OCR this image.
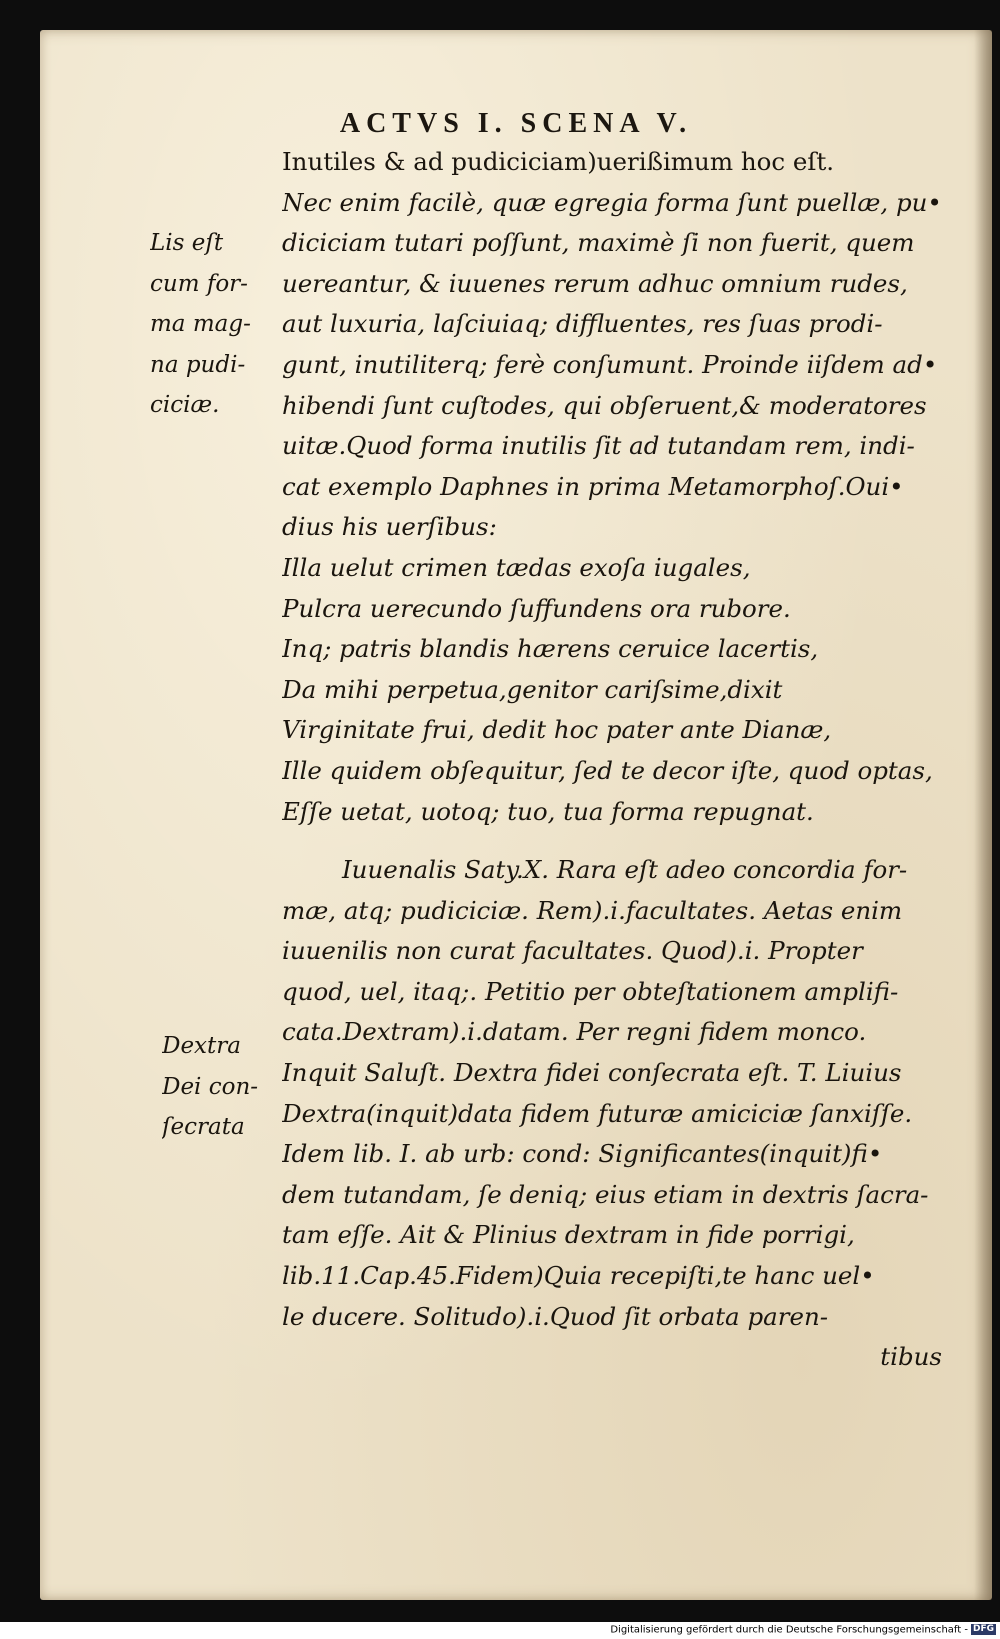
ACTVS I. SCENA V.
Inutiles & ad pudiciciam)uerißimum hoc eſt.
Nec enim facilè, quæ egregia forma ſunt puellæ, pu•
diciciam tutari poſſunt, maximè ſi non fuerit, quem
uereantur, & iuuenes rerum adhuc omnium rudes,
aut luxuria, laſciuiaq; diffluentes, res ſuas prodi-
gunt, inutiliterq; ferè conſumunt. Proinde iiſdem ad•
hibendi ſunt cuſtodes, qui obſeruent,& moderatores
uitæ.Quod forma inutilis ſit ad tutandam rem, indi-
cat exemplo Daphnes in prima Metamorphoſ.Oui•
dius his uerſibus:
Illa uelut crimen tædas exoſa iugales,
Pulcra uerecundo ſuffundens ora rubore.
Inq; patris blandis hærens ceruice lacertis,
Da mihi perpetua,genitor cariſsime,dixit
Virginitate frui, dedit hoc pater ante Dianæ,
Ille quidem obſequitur, ſed te decor iſte, quod optas,
Eſſe uetat, uotoq; tuo, tua forma repugnat.
Iuuenalis Saty.X. Rara eſt adeo concordia for-
mæ, atq; pudiciciæ. Rem).i.facultates. Aetas enim
iuuenilis non curat facultates. Quod).i. Propter
quod, uel, itaq;. Petitio per obteſtationem amplifi-
cata.Dextram).i.datam. Per regni fidem monco.
Inquit Saluſt. Dextra fidei conſecrata eſt. T. Liuius
Dextra(inquit)data fidem futuræ amiciciæ ſanxiſſe.
Idem lib. I. ab urb: cond: Significantes(inquit)fi•
dem tutandam, ſe deniq; eius etiam in dextris ſacra-
tam eſſe. Ait & Plinius dextram in fide porrigi,
lib.11.Cap.45.Fidem)Quia recepiſti,te hanc uel•
le ducere. Solitudo).i.Quod ſit orbata paren-
tibus
Lis eſt
cum for-
ma mag-
na pudi-
ciciæ.
Dextra
Dei con-
ſecrata
Digitalisierung gefördert durch die Deutsche Forschungsgemeinschaft - DFG
